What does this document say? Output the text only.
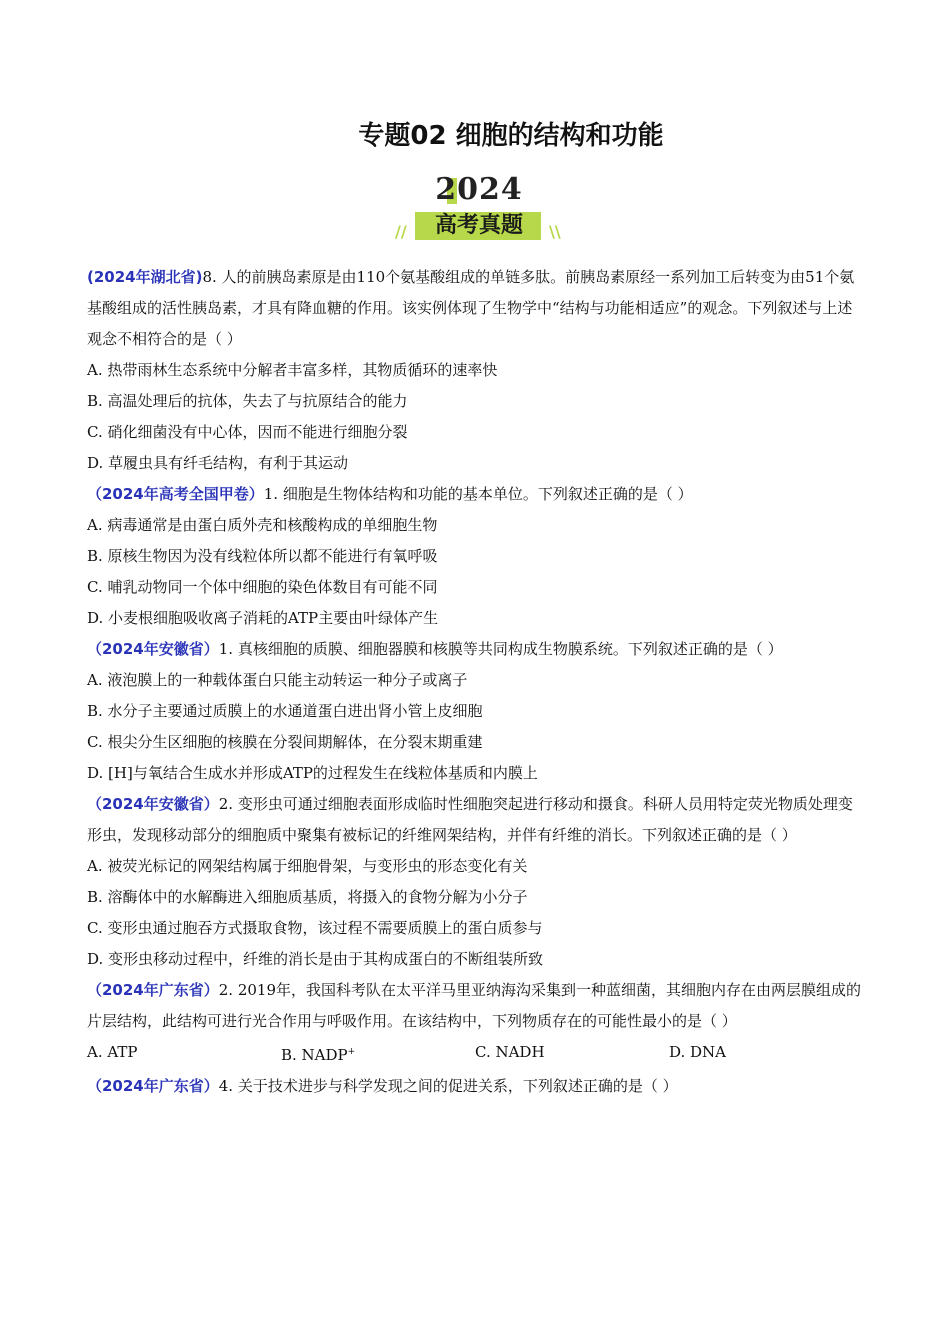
专题02 细胞的结构和功能
2024
//	高考真题	\\

(2024年湖北省)8. 人的前胰岛素原是由110个氨基酸组成的单链多肽。前胰岛素原经一系列加工后转变为由51个氨基酸组成的活性胰岛素，才具有降血糖的作用。该实例体现了生物学中“结构与功能相适应”的观念。下列叙述与上述观念不相符合的是（ ）

A. 热带雨林生态系统中分解者丰富多样，其物质循环的速率快

B. 高温处理后的抗体，失去了与抗原结合的能力

C. 硝化细菌没有中心体，因而不能进行细胞分裂

D. 草履虫具有纤毛结构，有利于其运动

（2024年高考全国甲卷）1. 细胞是生物体结构和功能的基本单位。下列叙述正确的是（ ）

A. 病毒通常是由蛋白质外壳和核酸构成的单细胞生物

B. 原核生物因为没有线粒体所以都不能进行有氧呼吸

C. 哺乳动物同一个体中细胞的染色体数目有可能不同

D. 小麦根细胞吸收离子消耗的ATP主要由叶绿体产生

（2024年安徽省）1. 真核细胞的质膜、细胞器膜和核膜等共同构成生物膜系统。下列叙述正确的是（ ）

A. 液泡膜上的一种载体蛋白只能主动转运一种分子或离子

B. 水分子主要通过质膜上的水通道蛋白进出肾小管上皮细胞

C. 根尖分生区细胞的核膜在分裂间期解体，在分裂末期重建

D. [H]与氧结合生成水并形成ATP的过程发生在线粒体基质和内膜上

（2024年安徽省）2. 变形虫可通过细胞表面形成临时性细胞突起进行移动和摄食。科研人员用特定荧光物质处理变形虫，发现移动部分的细胞质中聚集有被标记的纤维网架结构，并伴有纤维的消长。下列叙述正确的是（ ）

A. 被荧光标记的网架结构属于细胞骨架，与变形虫的形态变化有关

B. 溶酶体中的水解酶进入细胞质基质，将摄入的食物分解为小分子

C. 变形虫通过胞吞方式摄取食物，该过程不需要质膜上的蛋白质参与

D. 变形虫移动过程中，纤维的消长是由于其构成蛋白的不断组装所致

（2024年广东省）2. 2019年，我国科考队在太平洋马里亚纳海沟采集到一种蓝细菌，其细胞内存在由两层膜组成的片层结构，此结构可进行光合作用与呼吸作用。在该结构中，下列物质存在的可能性最小的是（ ）

A. ATP	B. NADP+	C. NADH	D. DNA

（2024年广东省）4. 关于技术进步与科学发现之间的促进关系，下列叙述正确的是（ ）
